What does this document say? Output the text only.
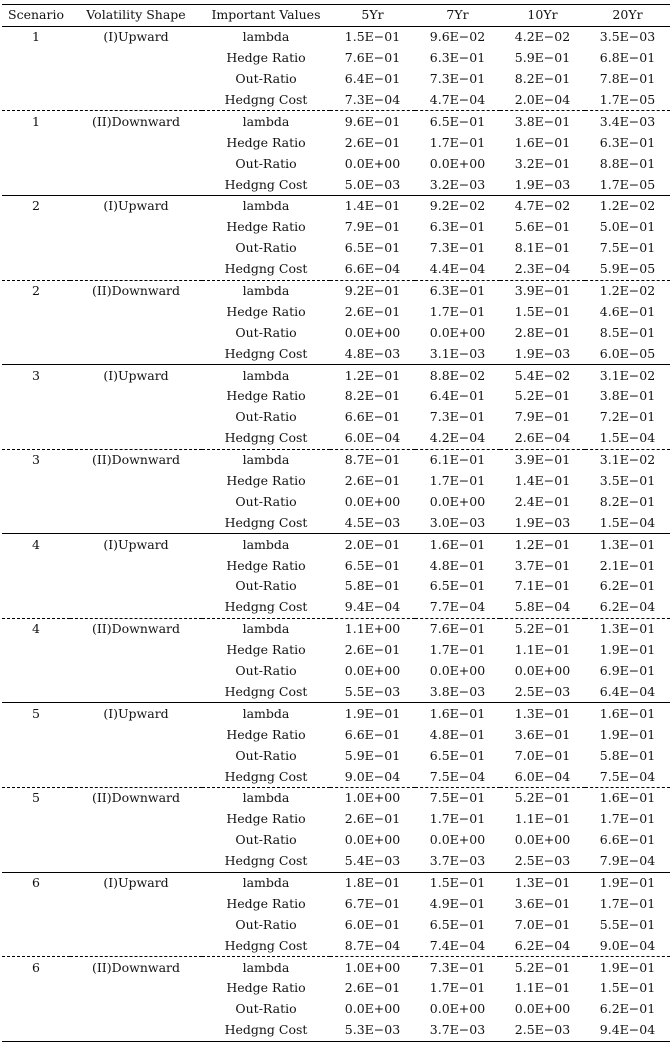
Scenario	Volatility Shape	Important Values	5Yr	7Yr	10Yr	20Yr
1	(I)Upward	lambda	1.5E−01	9.6E−02	4.2E−02	3.5E−03
		Hedge Ratio	7.6E−01	6.3E−01	5.9E−01	6.8E−01
		Out-Ratio	6.4E−01	7.3E−01	8.2E−01	7.8E−01
		Hedgng Cost	7.3E−04	4.7E−04	2.0E−04	1.7E−05
1	(II)Downward	lambda	9.6E−01	6.5E−01	3.8E−01	3.4E−03
		Hedge Ratio	2.6E−01	1.7E−01	1.6E−01	6.3E−01
		Out-Ratio	0.0E+00	0.0E+00	3.2E−01	8.8E−01
		Hedgng Cost	5.0E−03	3.2E−03	1.9E−03	1.7E−05
2	(I)Upward	lambda	1.4E−01	9.2E−02	4.7E−02	1.2E−02
		Hedge Ratio	7.9E−01	6.3E−01	5.6E−01	5.0E−01
		Out-Ratio	6.5E−01	7.3E−01	8.1E−01	7.5E−01
		Hedgng Cost	6.6E−04	4.4E−04	2.3E−04	5.9E−05
2	(II)Downward	lambda	9.2E−01	6.3E−01	3.9E−01	1.2E−02
		Hedge Ratio	2.6E−01	1.7E−01	1.5E−01	4.6E−01
		Out-Ratio	0.0E+00	0.0E+00	2.8E−01	8.5E−01
		Hedgng Cost	4.8E−03	3.1E−03	1.9E−03	6.0E−05
3	(I)Upward	lambda	1.2E−01	8.8E−02	5.4E−02	3.1E−02
		Hedge Ratio	8.2E−01	6.4E−01	5.2E−01	3.8E−01
		Out-Ratio	6.6E−01	7.3E−01	7.9E−01	7.2E−01
		Hedgng Cost	6.0E−04	4.2E−04	2.6E−04	1.5E−04
3	(II)Downward	lambda	8.7E−01	6.1E−01	3.9E−01	3.1E−02
		Hedge Ratio	2.6E−01	1.7E−01	1.4E−01	3.5E−01
		Out-Ratio	0.0E+00	0.0E+00	2.4E−01	8.2E−01
		Hedgng Cost	4.5E−03	3.0E−03	1.9E−03	1.5E−04
4	(I)Upward	lambda	2.0E−01	1.6E−01	1.2E−01	1.3E−01
		Hedge Ratio	6.5E−01	4.8E−01	3.7E−01	2.1E−01
		Out-Ratio	5.8E−01	6.5E−01	7.1E−01	6.2E−01
		Hedgng Cost	9.4E−04	7.7E−04	5.8E−04	6.2E−04
4	(II)Downward	lambda	1.1E+00	7.6E−01	5.2E−01	1.3E−01
		Hedge Ratio	2.6E−01	1.7E−01	1.1E−01	1.9E−01
		Out-Ratio	0.0E+00	0.0E+00	0.0E+00	6.9E−01
		Hedgng Cost	5.5E−03	3.8E−03	2.5E−03	6.4E−04
5	(I)Upward	lambda	1.9E−01	1.6E−01	1.3E−01	1.6E−01
		Hedge Ratio	6.6E−01	4.8E−01	3.6E−01	1.9E−01
		Out-Ratio	5.9E−01	6.5E−01	7.0E−01	5.8E−01
		Hedgng Cost	9.0E−04	7.5E−04	6.0E−04	7.5E−04
5	(II)Downward	lambda	1.0E+00	7.5E−01	5.2E−01	1.6E−01
		Hedge Ratio	2.6E−01	1.7E−01	1.1E−01	1.7E−01
		Out-Ratio	0.0E+00	0.0E+00	0.0E+00	6.6E−01
		Hedgng Cost	5.4E−03	3.7E−03	2.5E−03	7.9E−04
6	(I)Upward	lambda	1.8E−01	1.5E−01	1.3E−01	1.9E−01
		Hedge Ratio	6.7E−01	4.9E−01	3.6E−01	1.7E−01
		Out-Ratio	6.0E−01	6.5E−01	7.0E−01	5.5E−01
		Hedgng Cost	8.7E−04	7.4E−04	6.2E−04	9.0E−04
6	(II)Downward	lambda	1.0E+00	7.3E−01	5.2E−01	1.9E−01
		Hedge Ratio	2.6E−01	1.7E−01	1.1E−01	1.5E−01
		Out-Ratio	0.0E+00	0.0E+00	0.0E+00	6.2E−01
		Hedgng Cost	5.3E−03	3.7E−03	2.5E−03	9.4E−04
